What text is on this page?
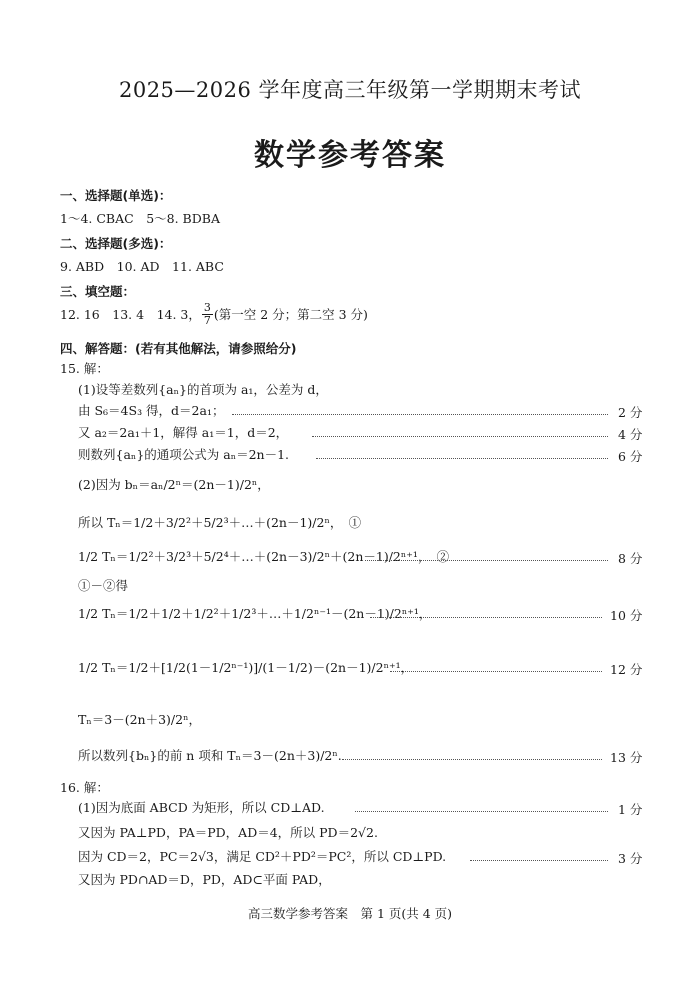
2025—2026 学年度高三年级第一学期期末考试
数学参考答案
一、选择题(单选)：
1～4. CBAC　5～8. BDBA
二、选择题(多选)：
9. ABD　10. AD　11. ABC
三、填空题：
12. 16　13. 4　14. 3， $\frac{3}{7}$ (第一空 2 分；第二空 3 分)
四、解答题：(若有其他解法，请参照给分)
15. 解：
(1)设等差数列{aₙ}的首项为 a₁，公差为 d，
由 S₆＝4S₃ 得，d＝2a₁；	2 分
又 a₂＝2a₁＋1，解得 a₁＝1，d＝2，	4 分
则数列{aₙ}的通项公式为 aₙ＝2n－1.	6 分
(2)因为 bₙ＝aₙ/2ⁿ＝(2n－1)/2ⁿ，
所以 Tₙ＝1/2＋3/2²＋5/2³＋…＋(2n－1)/2ⁿ，　①
1/2 Tₙ＝1/2²＋3/2³＋5/2⁴＋…＋(2n－3)/2ⁿ＋(2n－1)/2ⁿ⁺¹，　②	8 分
①－②得
1/2 Tₙ＝1/2＋1/2＋1/2²＋1/2³＋…＋1/2ⁿ⁻¹－(2n－1)/2ⁿ⁺¹，	10 分
1/2 Tₙ＝1/2＋[1/2(1－1/2ⁿ⁻¹)]/(1－1/2)－(2n－1)/2ⁿ⁺¹，	12 分
Tₙ＝3－(2n＋3)/2ⁿ，
所以数列{bₙ}的前 n 项和 Tₙ＝3－(2n＋3)/2ⁿ.	13 分
16. 解：
(1)因为底面 ABCD 为矩形，所以 CD⊥AD.	1 分
又因为 PA⊥PD，PA＝PD，AD＝4，所以 PD＝2√2.
因为 CD＝2，PC＝2√3，满足 CD²＋PD²＝PC²，所以 CD⊥PD.	3 分
又因为 PD∩AD＝D，PD，AD⊂平面 PAD，
高三数学参考答案　第 1 页(共 4 页)
